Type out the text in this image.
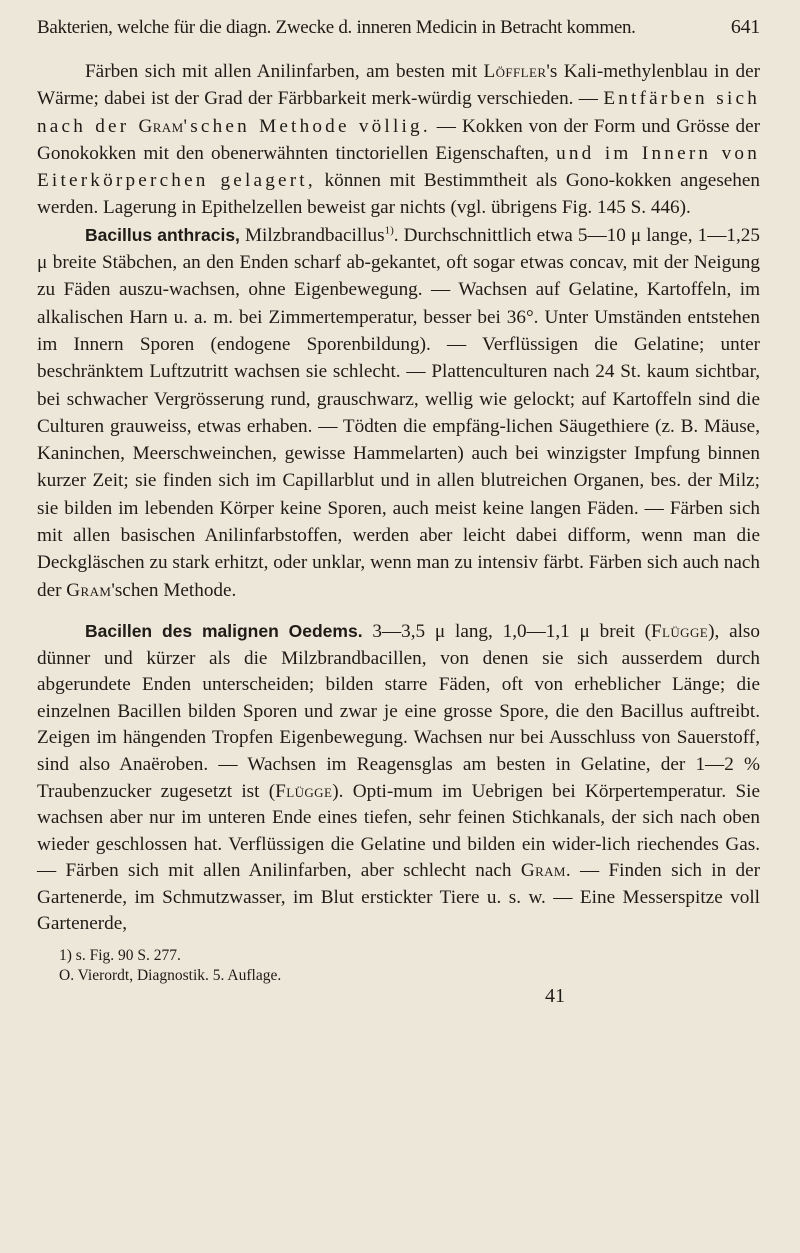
Bakterien, welche für die diagn. Zwecke d. inneren Medicin in Betracht kommen.	641

Färben sich mit allen Anilinfarben, am besten mit Löffler's Kali-methylenblau in der Wärme; dabei ist der Grad der Färbbarkeit merk-würdig verschieden. — Entfärben sich nach der Gram'schen Methode völlig. — Kokken von der Form und Grösse der Gonokokken mit den obenerwähnten tinctoriellen Eigenschaften, und im Innern von Eiterkörperchen gelagert, können mit Bestimmtheit als Gono-kokken angesehen werden. Lagerung in Epithelzellen beweist gar nichts (vgl. übrigens Fig. 145 S. 446).

Bacillus anthracis, Milzbrandbacillus$^{1)}$. Durchschnittlich etwa 5—10 μ lange, 1—1,25 μ breite Stäbchen, an den Enden scharf ab-gekantet, oft sogar etwas concav, mit der Neigung zu Fäden auszu-wachsen, ohne Eigenbewegung. — Wachsen auf Gelatine, Kartoffeln, im alkalischen Harn u. a. m. bei Zimmertemperatur, besser bei 36°. Unter Umständen entstehen im Innern Sporen (endogene Sporenbildung). — Verflüssigen die Gelatine; unter beschränktem Luftzutritt wachsen sie schlecht. — Plattenculturen nach 24 St. kaum sichtbar, bei schwacher Vergrösserung rund, grauschwarz, wellig wie gelockt; auf Kartoffeln sind die Culturen grauweiss, etwas erhaben. — Tödten die empfäng-lichen Säugethiere (z. B. Mäuse, Kaninchen, Meerschweinchen, gewisse Hammelarten) auch bei winzigster Impfung binnen kurzer Zeit; sie finden sich im Capillarblut und in allen blutreichen Organen, bes. der Milz; sie bilden im lebenden Körper keine Sporen, auch meist keine langen Fäden. — Färben sich mit allen basischen Anilinfarbstoffen, werden aber leicht dabei difform, wenn man die Deckgläschen zu stark erhitzt, oder unklar, wenn man zu intensiv färbt. Färben sich auch nach der Gram'schen Methode.

Bacillen des malignen Oedems. 3—3,5 μ lang, 1,0—1,1 μ breit (Flügge), also dünner und kürzer als die Milzbrandbacillen, von denen sie sich ausserdem durch abgerundete Enden unterscheiden; bilden starre Fäden, oft von erheblicher Länge; die einzelnen Bacillen bilden Sporen und zwar je eine grosse Spore, die den Bacillus auftreibt. Zeigen im hängenden Tropfen Eigenbewegung. Wachsen nur bei Ausschluss von Sauerstoff, sind also Anaëroben. — Wachsen im Reagensglas am besten in Gelatine, der 1—2 % Traubenzucker zugesetzt ist (Flügge). Opti-mum im Uebrigen bei Körpertemperatur. Sie wachsen aber nur im unteren Ende eines tiefen, sehr feinen Stichkanals, der sich nach oben wieder geschlossen hat. Verflüssigen die Gelatine und bilden ein wider-lich riechendes Gas. — Färben sich mit allen Anilinfarben, aber schlecht nach Gram. — Finden sich in der Gartenerde, im Schmutzwasser, im Blut erstickter Tiere u. s. w. — Eine Messerspitze voll Gartenerde,

1) s. Fig. 90 S. 277.
O. Vierordt, Diagnostik. 5. Auflage.
41
